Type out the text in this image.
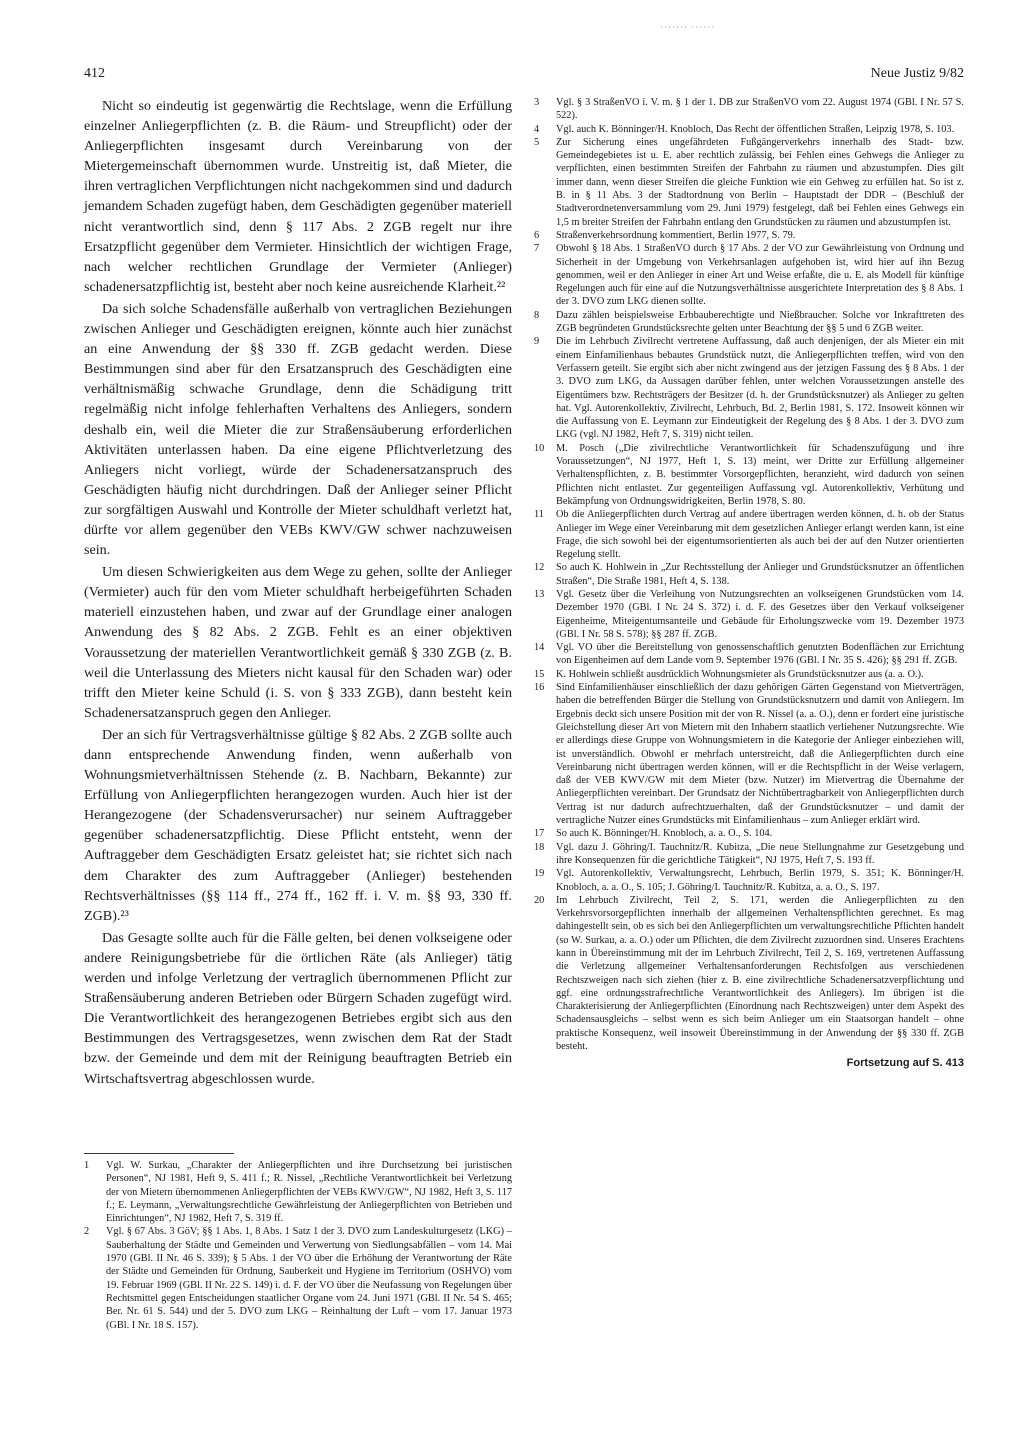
······· ······
412	Neue Justiz 9/82

Nicht so eindeutig ist gegenwärtig die Rechtslage, wenn die Erfüllung einzelner Anliegerpflichten (z. B. die Räum- und Streupflicht) oder der Anliegerpflichten insgesamt durch Vereinbarung von der Mietergemeinschaft übernommen wurde. Unstreitig ist, daß Mieter, die ihren vertraglichen Verpflichtungen nicht nachgekommen sind und dadurch jemandem Schaden zugefügt haben, dem Geschädigten gegenüber materiell nicht verantwortlich sind, denn § 117 Abs. 2 ZGB regelt nur ihre Ersatzpflicht gegenüber dem Vermieter. Hinsichtlich der wichtigen Frage, nach welcher rechtlichen Grundlage der Vermieter (Anlieger) schadenersatzpflichtig ist, besteht aber noch keine ausreichende Klarheit.²²

Da sich solche Schadensfälle außerhalb von vertraglichen Beziehungen zwischen Anlieger und Geschädigten ereignen, könnte auch hier zunächst an eine Anwendung der §§ 330 ff. ZGB gedacht werden. Diese Bestimmungen sind aber für den Ersatzanspruch des Geschädigten eine verhältnismäßig schwache Grundlage, denn die Schädigung tritt regelmäßig nicht infolge fehlerhaften Verhaltens des Anliegers, sondern deshalb ein, weil die Mieter die zur Straßensäuberung erforderlichen Aktivitäten unterlassen haben. Da eine eigene Pflichtverletzung des Anliegers nicht vorliegt, würde der Schadenersatzanspruch des Geschädigten häufig nicht durchdringen. Daß der Anlieger seiner Pflicht zur sorgfältigen Auswahl und Kontrolle der Mieter schuldhaft verletzt hat, dürfte vor allem gegenüber den VEBs KWV/GW schwer nachzuweisen sein.

Um diesen Schwierigkeiten aus dem Wege zu gehen, sollte der Anlieger (Vermieter) auch für den vom Mieter schuldhaft herbeigeführten Schaden materiell einzustehen haben, und zwar auf der Grundlage einer analogen Anwendung des § 82 Abs. 2 ZGB. Fehlt es an einer objektiven Voraussetzung der materiellen Verantwortlichkeit gemäß § 330 ZGB (z. B. weil die Unterlassung des Mieters nicht kausal für den Schaden war) oder trifft den Mieter keine Schuld (i. S. von § 333 ZGB), dann besteht kein Schadenersatzanspruch gegen den Anlieger.

Der an sich für Vertragsverhältnisse gültige § 82 Abs. 2 ZGB sollte auch dann entsprechende Anwendung finden, wenn außerhalb von Wohnungsmietverhältnissen Stehende (z. B. Nachbarn, Bekannte) zur Erfüllung von Anliegerpflichten herangezogen wurden. Auch hier ist der Herangezogene (der Schadensverursacher) nur seinem Auftraggeber gegenüber schadenersatzpflichtig. Diese Pflicht entsteht, wenn der Auftraggeber dem Geschädigten Ersatz geleistet hat; sie richtet sich nach dem Charakter des zum Auftraggeber (Anlieger) bestehenden Rechtsverhältnisses (§§ 114 ff., 274 ff., 162 ff. i. V. m. §§ 93, 330 ff. ZGB).²³

Das Gesagte sollte auch für die Fälle gelten, bei denen volkseigene oder andere Reinigungsbetriebe für die örtlichen Räte (als Anlieger) tätig werden und infolge Verletzung der vertraglich übernommenen Pflicht zur Straßensäuberung anderen Betrieben oder Bürgern Schaden zugefügt wird. Die Verantwortlichkeit des herangezogenen Betriebes ergibt sich aus den Bestimmungen des Vertragsgesetzes, wenn zwischen dem Rat der Stadt bzw. der Gemeinde und dem mit der Reinigung beauftragten Betrieb ein Wirtschaftsvertrag abgeschlossen wurde.

1	Vgl. W. Surkau, „Charakter der Anliegerpflichten und ihre Durchsetzung bei juristischen Personen“, NJ 1981, Heft 9, S. 411 f.; R. Nissel, „Rechtliche Verantwortlichkeit bei Verletzung der von Mietern übernommenen Anliegerpflichten der VEBs KWV/GW“, NJ 1982, Heft 3, S. 117 f.; E. Leymann, „Verwaltungsrechtliche Gewährleistung der Anliegerpflichten von Betrieben und Einrichtungen“, NJ 1982, Heft 7, S. 319 ff.

2	Vgl. § 67 Abs. 3 GöV; §§ 1 Abs. 1, 8 Abs. 1 Satz 1 der 3. DVO zum Landeskulturgesetz (LKG) – Sauberhaltung der Städte und Gemeinden und Verwertung von Siedlungsabfällen – vom 14. Mai 1970 (GBl. II Nr. 46 S. 339); § 5 Abs. 1 der VO über die Erhöhung der Verantwortung der Räte der Städte und Gemeinden für Ordnung, Sauberkeit und Hygiene im Territorium (OSHVO) vom 19. Februar 1969 (GBl. II Nr. 22 S. 149) i. d. F. der VO über die Neufassung von Regelungen über Rechtsmittel gegen Entscheidungen staatlicher Organe vom 24. Juni 1971 (GBl. II Nr. 54 S. 465; Ber. Nr. 61 S. 544) und der 5. DVO zum LKG – Reinhaltung der Luft – vom 17. Januar 1973 (GBl. I Nr. 18 S. 157).

3	Vgl. § 3 StraßenVO i. V. m. § 1 der 1. DB zur StraßenVO vom 22. August 1974 (GBl. I Nr. 57 S. 522).

4	Vgl. auch K. Bönninger/H. Knobloch, Das Recht der öffentlichen Straßen, Leipzig 1978, S. 103.

5	Zur Sicherung eines ungefährdeten Fußgängerverkehrs innerhalb des Stadt- bzw. Gemeindegebietes ist u. E. aber rechtlich zulässig, bei Fehlen eines Gehwegs die Anlieger zu verpflichten, einen bestimmten Streifen der Fahrbahn zu räumen und abzustumpfen. Dies gilt immer dann, wenn dieser Streifen die gleiche Funktion wie ein Gehweg zu erfüllen hat. So ist z. B. in § 11 Abs. 3 der Stadtordnung von Berlin – Hauptstadt der DDR – (Beschluß der Stadtverordnetenversammlung vom 29. Juni 1979) festgelegt, daß bei Fehlen eines Gehwegs ein 1,5 m breiter Streifen der Fahrbahn entlang den Grundstücken zu räumen und abzustumpfen ist.

6	Straßenverkehrsordnung kommentiert, Berlin 1977, S. 79.

7	Obwohl § 18 Abs. 1 StraßenVO durch § 17 Abs. 2 der VO zur Gewährleistung von Ordnung und Sicherheit in der Umgebung von Verkehrsanlagen aufgehoben ist, wird hier auf ihn Bezug genommen, weil er den Anlieger in einer Art und Weise erfaßte, die u. E. als Modell für künftige Regelungen auch für eine auf die Nutzungsverhältnisse ausgerichtete Interpretation des § 8 Abs. 1 der 3. DVO zum LKG dienen sollte.

8	Dazu zählen beispielsweise Erbbauberechtigte und Nießbraucher. Solche vor Inkrafttreten des ZGB begründeten Grundstücksrechte gelten unter Beachtung der §§ 5 und 6 ZGB weiter.

9	Die im Lehrbuch Zivilrecht vertretene Auffassung, daß auch denjenigen, der als Mieter ein mit einem Einfamilienhaus bebautes Grundstück nutzt, die Anliegerpflichten treffen, wird von den Verfassern geteilt. Sie ergibt sich aber nicht zwingend aus der jetzigen Fassung des § 8 Abs. 1 der 3. DVO zum LKG, da Aussagen darüber fehlen, unter welchen Voraussetzungen anstelle des Eigentümers bzw. Rechtsträgers der Besitzer (d. h. der Grundstücksnutzer) als Anlieger zu gelten hat. Vgl. Autorenkollektiv, Zivilrecht, Lehrbuch, Bd. 2, Berlin 1981, S. 172. Insoweit können wir die Auffassung von E. Leymann zur Eindeutigkeit der Regelung des § 8 Abs. 1 der 3. DVO zum LKG (vgl. NJ 1982, Heft 7, S. 319) nicht teilen.

10	M. Posch („Die zivilrechtliche Verantwortlichkeit für Schadenszufügung und ihre Voraussetzungen“, NJ 1977, Heft 1, S. 13) meint, wer Dritte zur Erfüllung allgemeiner Verhaltenspflichten, z. B. bestimmter Vorsorgepflichten, heranzieht, wird dadurch von seinen Pflichten nicht entlastet. Zur gegenteiligen Auffassung vgl. Autorenkollektiv, Verhütung und Bekämpfung von Ordnungswidrigkeiten, Berlin 1978, S. 80.

11	Ob die Anliegerpflichten durch Vertrag auf andere übertragen werden können, d. h. ob der Status Anlieger im Wege einer Vereinbarung mit dem gesetzlichen Anlieger erlangt werden kann, ist eine Frage, die sich sowohl bei der eigentumsorientierten als auch bei der auf den Nutzer orientierten Regelung stellt.

12	So auch K. Hohlwein in „Zur Rechtsstellung der Anlieger und Grundstücksnutzer an öffentlichen Straßen“, Die Straße 1981, Heft 4, S. 138.

13	Vgl. Gesetz über die Verleihung von Nutzungsrechten an volkseigenen Grundstücken vom 14. Dezember 1970 (GBl. I Nr. 24 S. 372) i. d. F. des Gesetzes über den Verkauf volkseigener Eigenheime, Miteigentumsanteile und Gebäude für Erholungszwecke vom 19. Dezember 1973 (GBl. I Nr. 58 S. 578); §§ 287 ff. ZGB.

14	Vgl. VO über die Bereitstellung von genossenschaftlich genutzten Bodenflächen zur Errichtung von Eigenheimen auf dem Lande vom 9. September 1976 (GBl. I Nr. 35 S. 426); §§ 291 ff. ZGB.

15	K. Hohlwein schließt ausdrücklich Wohnungsmieter als Grundstücksnutzer aus (a. a. O.).

16	Sind Einfamilienhäuser einschließlich der dazu gehörigen Gärten Gegenstand von Mietverträgen, haben die betreffenden Bürger die Stellung von Grundstücksnutzern und damit von Anliegern. Im Ergebnis deckt sich unsere Position mit der von R. Nissel (a. a. O.), denn er fordert eine juristische Gleichstellung dieser Art von Mietern mit den Inhabern staatlich verliehener Nutzungsrechte. Wie er allerdings diese Gruppe von Wohnungsmietern in die Kategorie der Anlieger einbeziehen will, ist unverständlich. Obwohl er mehrfach unterstreicht, daß die Anliegerpflichten durch eine Vereinbarung nicht übertragen werden können, will er die Rechtspflicht in der Weise verlagern, daß der VEB KWV/GW mit dem Mieter (bzw. Nutzer) im Mietvertrag die Übernahme der Anliegerpflichten vereinbart. Der Grundsatz der Nichtübertragbarkeit von Anliegerpflichten durch Vertrag ist nur dadurch aufrechtzuerhalten, daß der Grundstücksnutzer – und damit der vertragliche Nutzer eines Grundstücks mit Einfamilienhaus – zum Anlieger erklärt wird.

17	So auch K. Bönninger/H. Knobloch, a. a. O., S. 104.

18	Vgl. dazu J. Göhring/I. Tauchnitz/R. Kubitza, „Die neue Stellungnahme zur Gesetzgebung und ihre Konsequenzen für die gerichtliche Tätigkeit“, NJ 1975, Heft 7, S. 193 ff.

19	Vgl. Autorenkollektiv, Verwaltungsrecht, Lehrbuch, Berlin 1979, S. 351; K. Bönninger/H. Knobloch, a. a. O., S. 105; J. Göhring/I. Tauchnitz/R. Kubitza, a. a. O., S. 197.

20	Im Lehrbuch Zivilrecht, Teil 2, S. 171, werden die Anliegerpflichten zu den Verkehrsvorsorgepflichten innerhalb der allgemeinen Verhaltenspflichten gerechnet. Es mag dahingestellt sein, ob es sich bei den Anliegerpflichten um verwaltungsrechtliche Pflichten handelt (so W. Surkau, a. a. O.) oder um Pflichten, die dem Zivilrecht zuzuordnen sind. Unseres Erachtens kann in Übereinstimmung mit der im Lehrbuch Zivilrecht, Teil 2, S. 169, vertretenen Auffassung die Verletzung allgemeiner Verhaltensanforderungen Rechtsfolgen aus verschiedenen Rechtszweigen nach sich ziehen (hier z. B. eine zivilrechtliche Schadenersatzverpflichtung und ggf. eine ordnungsstrafrechtliche Verantwortlichkeit des Anliegers). Im übrigen ist die Charakterisierung der Anliegerpflichten (Einordnung nach Rechtszweigen) unter dem Aspekt des Schadensausgleichs – selbst wenn es sich beim Anlieger um ein Staatsorgan handelt – ohne praktische Konsequenz, weil insoweit Übereinstimmung in der Anwendung der §§ 330 ff. ZGB besteht.

Fortsetzung auf S. 413
